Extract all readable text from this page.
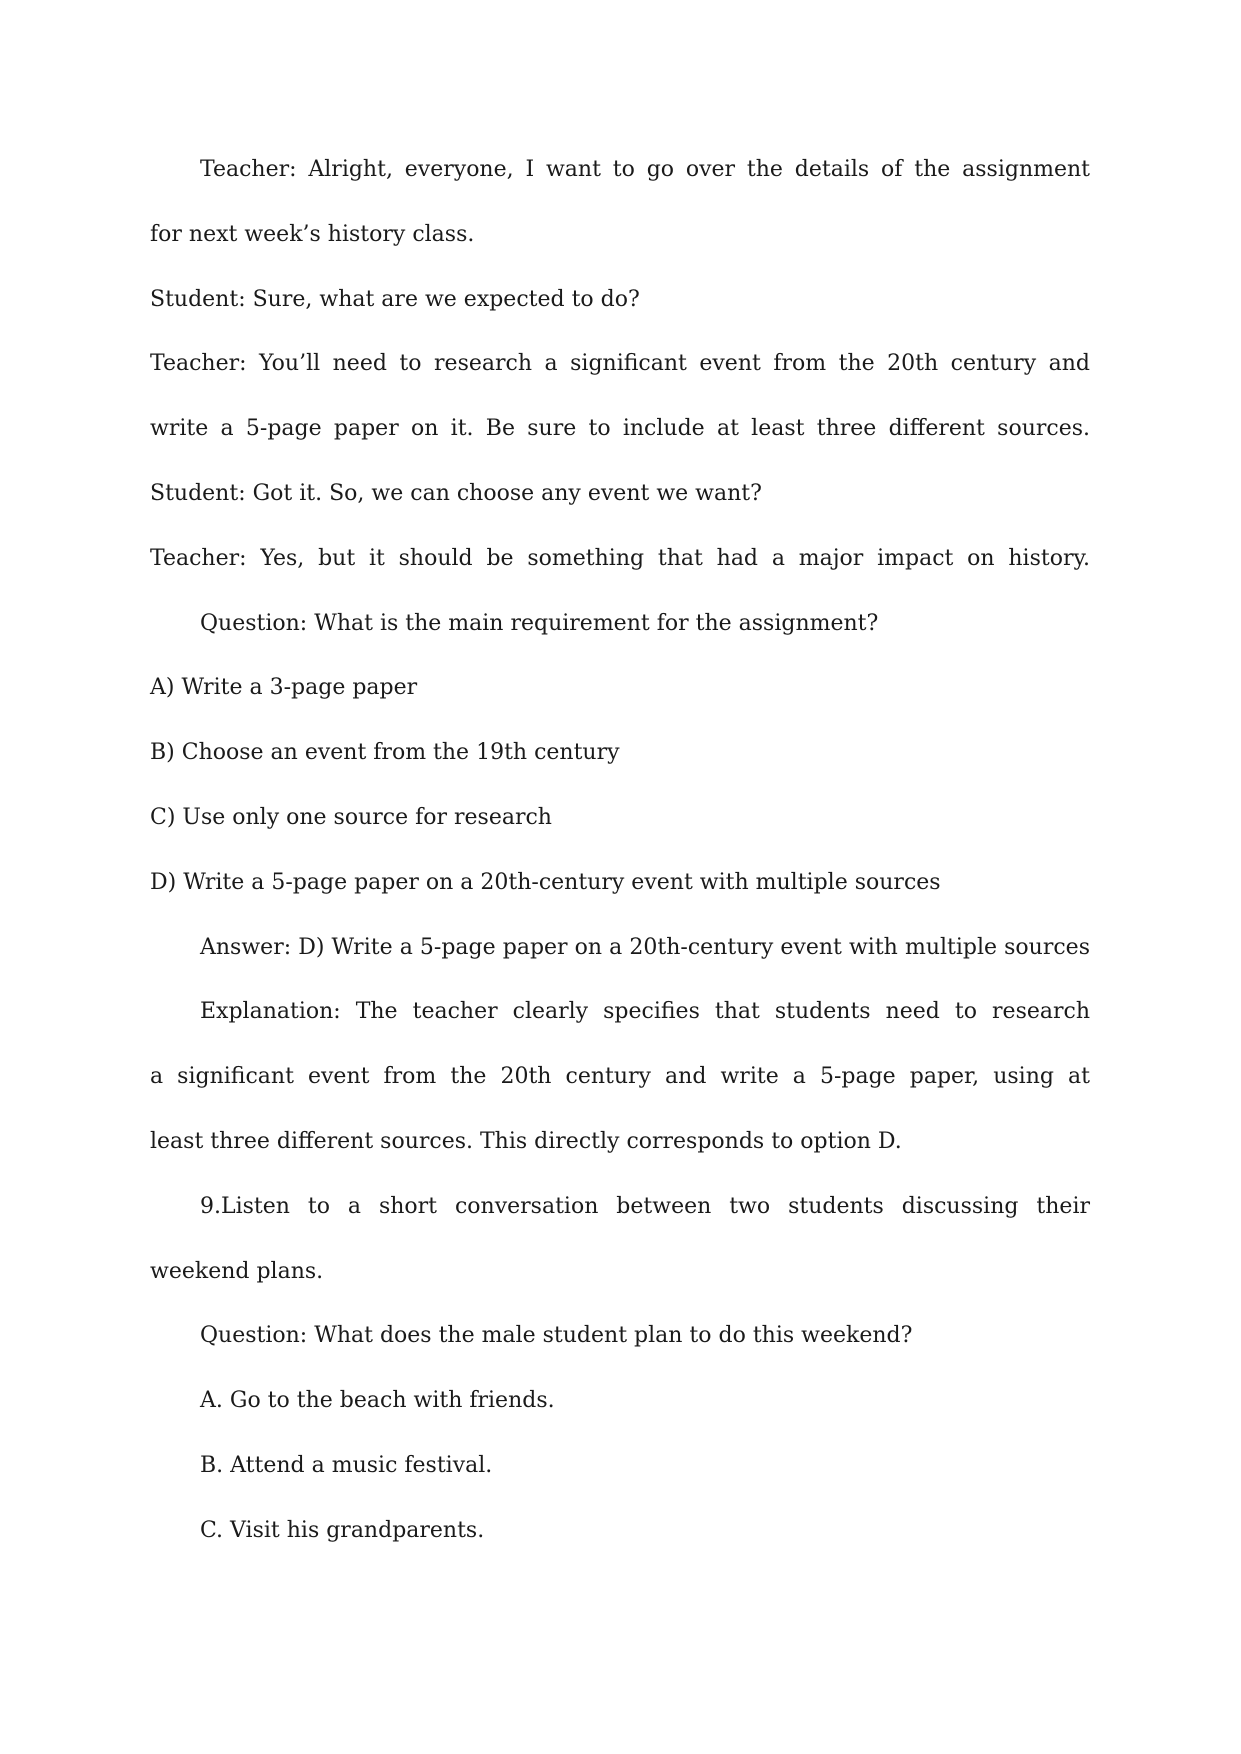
Teacher: Alright, everyone, I want to go over the details of the assignment
for next week’s history class.
Student: Sure, what are we expected to do?
Teacher: You’ll need to research a significant event from the 20th century and
write a 5-page paper on it. Be sure to include at least three different sources.
Student: Got it. So, we can choose any event we want?
Teacher: Yes, but it should be something that had a major impact on history.
Question: What is the main requirement for the assignment?
A) Write a 3-page paper
B) Choose an event from the 19th century
C) Use only one source for research
D) Write a 5-page paper on a 20th-century event with multiple sources
Answer: D) Write a 5-page paper on a 20th-century event with multiple sources
Explanation: The teacher clearly specifies that students need to research
a significant event from the 20th century and write a 5-page paper, using at
least three different sources. This directly corresponds to option D.
9.Listen to a short conversation between two students discussing their
weekend plans.
Question: What does the male student plan to do this weekend?
A. Go to the beach with friends.
B. Attend a music festival.
C. Visit his grandparents.
